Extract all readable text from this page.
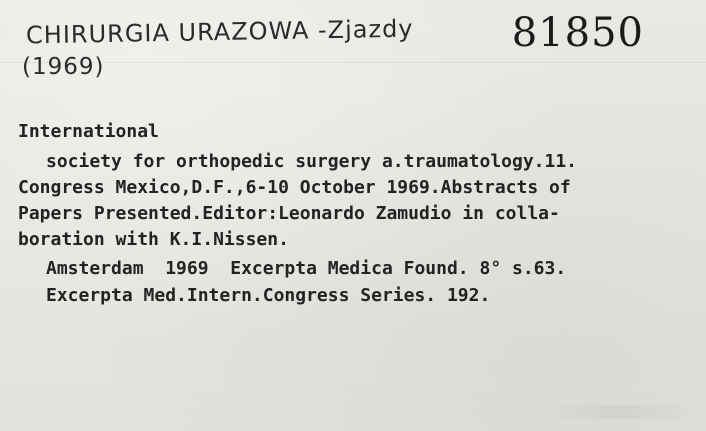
CHIRURGIA URAZOWA -Zjazdy
(1969)
81850
International
society for orthopedic surgery a.traumatology.11.
Congress Mexico,D.F.,6-10 October 1969.Abstracts of
Papers Presented.Editor:Leonardo Zamudio in colla-
boration with K.I.Nissen.
Amsterdam  1969  Excerpta Medica Found. 8° s.63.
Excerpta Med.Intern.Congress Series. 192.
